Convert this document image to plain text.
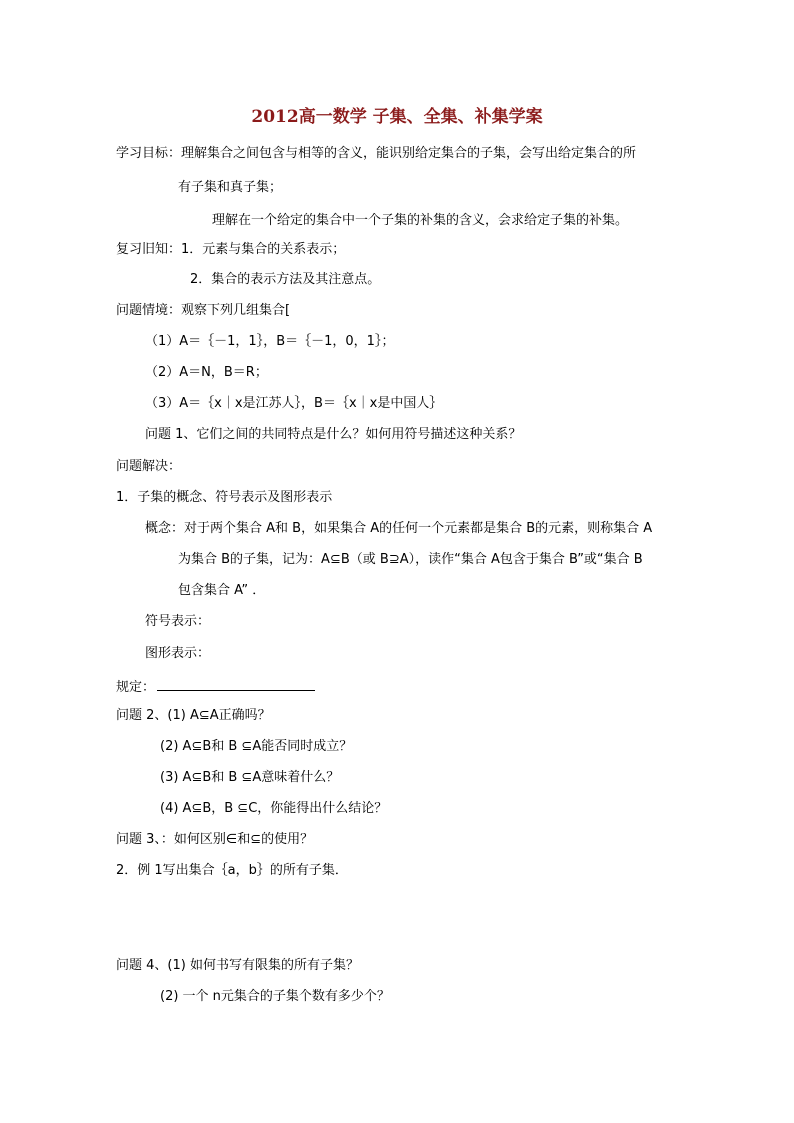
2012高一数学 子集、全集、补集学案
学习目标：理解集合之间包含与相等的含义，能识别给定集合的子集，会写出给定集合的所
有子集和真子集；
理解在一个给定的集合中一个子集的补集的含义，会求给定子集的补集。
复习旧知：1．元素与集合的关系表示；
2．集合的表示方法及其注意点。
问题情境：观察下列几组集合[
（1）A＝｛－1，1｝，B＝｛－1，0，1｝；
（2）A＝N，B＝R；
（3）A＝｛x｜x是江苏人｝，B＝｛x｜x是中国人｝
问题 1、它们之间的共同特点是什么？如何用符号描述这种关系？
问题解决：
1．子集的概念、符号表示及图形表示
概念：对于两个集合 A和 B，如果集合 A的任何一个元素都是集合 B的元素，则称集合 A
为集合 B的子集，记为：A⊆B（或 B⊇A），读作“集合 A包含于集合 B”或“集合 B
包含集合 A” ．
符号表示：
图形表示：
规定：
问题 2、(1) A⊆A正确吗？
(2) A⊆B和 B ⊆A能否同时成立？
(3) A⊆B和 B ⊆A意味着什么？
(4) A⊆B，B ⊆C，你能得出什么结论？
问题 3、：如何区别∈和⊆的使用？
2．例 1写出集合｛a，b｝的所有子集．
问题 4、(1) 如何书写有限集的所有子集？
(2) 一个 n元集合的子集个数有多少个？
